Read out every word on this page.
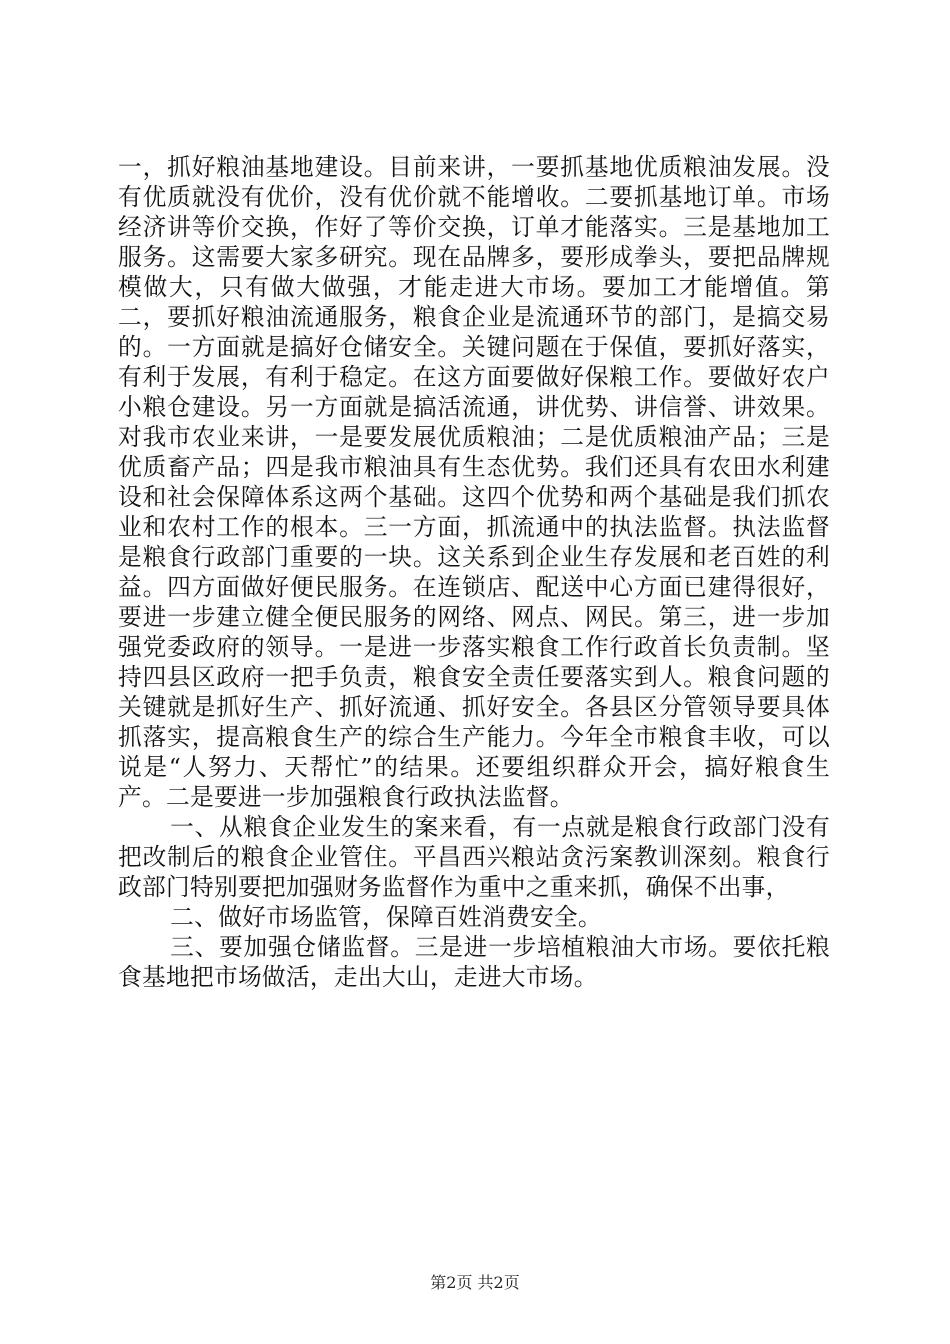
一，抓好粮油基地建设。目前来讲，一要抓基地优质粮油发展。没有优质就没有优价，没有优价就不能增收。二要抓基地订单。市场经济讲等价交换，作好了等价交换，订单才能落实。三是基地加工服务。这需要大家多研究。现在品牌多，要形成拳头，要把品牌规模做大，只有做大做强，才能走进大市场。要加工才能增值。第二，要抓好粮油流通服务，粮食企业是流通环节的部门，是搞交易的。一方面就是搞好仓储安全。关键问题在于保值，要抓好落实，有利于发展，有利于稳定。在这方面要做好保粮工作。要做好农户小粮仓建设。另一方面就是搞活流通，讲优势、讲信誉、讲效果。对我市农业来讲，一是要发展优质粮油；二是优质粮油产品；三是优质畜产品；四是我市粮油具有生态优势。我们还具有农田水利建设和社会保障体系这两个基础。这四个优势和两个基础是我们抓农业和农村工作的根本。三一方面，抓流通中的执法监督。执法监督是粮食行政部门重要的一块。这关系到企业生存发展和老百姓的利益。四方面做好便民服务。在连锁店、配送中心方面已建得很好，要进一步建立健全便民服务的网络、网点、网民。第三，进一步加强党委政府的领导。一是进一步落实粮食工作行政首长负责制。坚持四县区政府一把手负责，粮食安全责任要落实到人。粮食问题的关键就是抓好生产、抓好流通、抓好安全。各县区分管领导要具体抓落实，提高粮食生产的综合生产能力。今年全市粮食丰收，可以说是“人努力、天帮忙”的结果。还要组织群众开会，搞好粮食生产。二是要进一步加强粮食行政执法监督。

一、从粮食企业发生的案来看，有一点就是粮食行政部门没有把改制后的粮食企业管住。平昌西兴粮站贪污案教训深刻。粮食行政部门特别要把加强财务监督作为重中之重来抓，确保不出事，

二、做好市场监管，保障百姓消费安全。

三、要加强仓储监督。三是进一步培植粮油大市场。要依托粮食基地把市场做活，走出大山，走进大市场。

第2页 共2页
